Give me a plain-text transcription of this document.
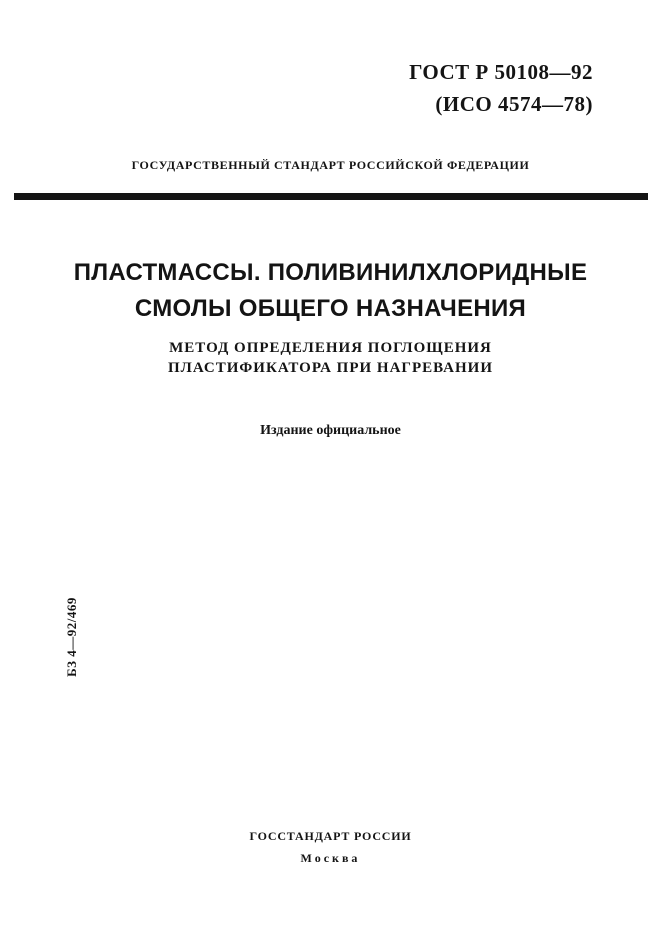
ГОСТ Р 50108—92
(ИСО 4574—78)
ГОСУДАРСТВЕННЫЙ СТАНДАРТ РОССИЙСКОЙ ФЕДЕРАЦИИ
ПЛАСТМАССЫ. ПОЛИВИНИЛХЛОРИДНЫЕ
СМОЛЫ ОБЩЕГО НАЗНАЧЕНИЯ
МЕТОД ОПРЕДЕЛЕНИЯ ПОГЛОЩЕНИЯ
ПЛАСТИФИКАТОРА ПРИ НАГРЕВАНИИ
Издание официальное
БЗ 4—92/469
ГОССТАНДАРТ РОССИИ
Москва
